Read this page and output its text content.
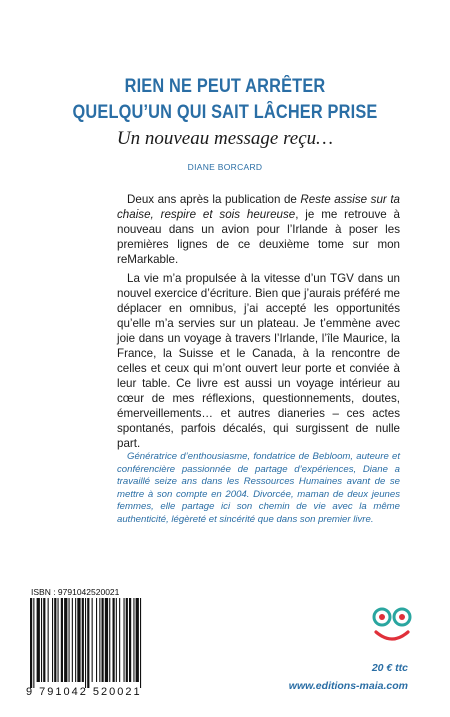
RIEN NE PEUT ARRÊTER
QUELQU’UN QUI SAIT LÂCHER PRISE
Un nouveau message reçu…
DIANE BORCARD
Deux ans après la publication de Reste assise sur ta chaise, respire et sois heureuse, je me retrouve à nouveau dans un avion pour l’Irlande à poser les premières lignes de ce deuxième tome sur mon reMarkable.
La vie m’a propulsée à la vitesse d’un TGV dans un nouvel exercice d’écriture. Bien que j’aurais préféré me déplacer en omnibus, j’ai accepté les opportunités qu’elle m’a servies sur un plateau. Je t’emmène avec joie dans un voyage à travers l’Irlande, l’île Maurice, la France, la Suisse et le Canada, à la rencontre de celles et ceux qui m’ont ouvert leur porte et conviée à leur table. Ce livre est aussi un voyage intérieur au cœur de mes réflexions, questionnements, doutes, émerveillements… et autres dianeries – ces actes spontanés, parfois décalés, qui surgissent de nulle part.
Génératrice d’enthousiasme, fondatrice de Bebloom, auteure et conférencière passionnée de partage d’expériences, Diane a travaillé seize ans dans les Ressources Humaines avant de se mettre à son compte en 2004. Divorcée, maman de deux jeunes femmes, elle partage ici son chemin de vie avec la même authenticité, légèreté et sincérité que dans son premier livre.
ISBN : 9791042520021
9 791042 520021
20 € ttc
www.editions-maia.com
